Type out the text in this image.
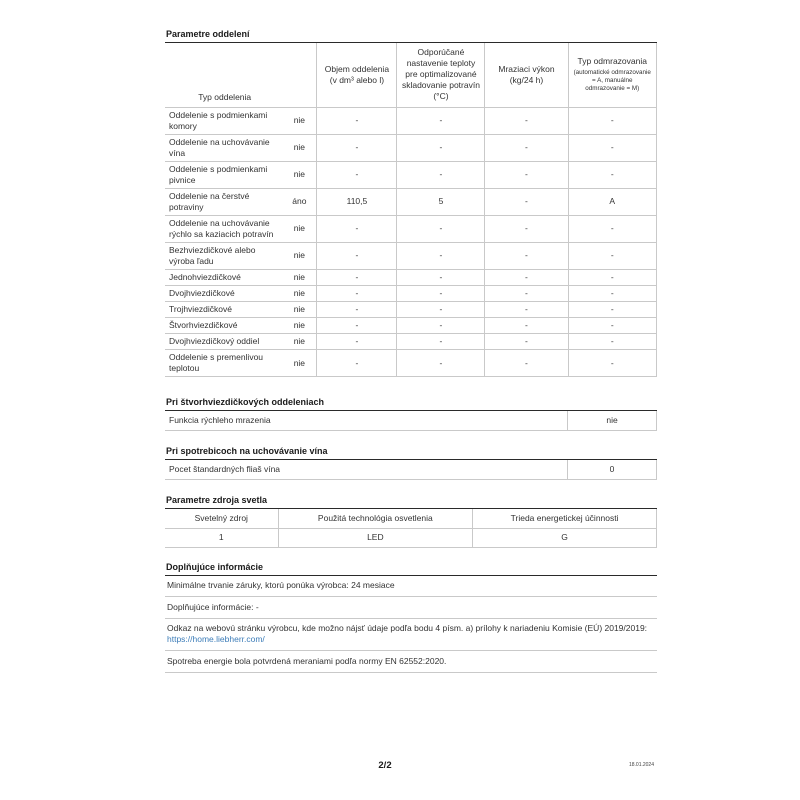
Parametre oddelení
Typ oddelenia	Objem oddelenia (v dm³ alebo l)	Odporúčané nastavenie teploty pre optimalizované skladovanie potravín (°C)	Mraziaci výkon (kg/24 h)	Typ odmrazovania
(automatické odmrazovanie = A, manuálne odmrazovanie = M)

Oddelenie s podmienkami komory
nie	-	-	-	-

Oddelenie na uchovávanie vína
nie	-	-	-	-

Oddelenie s podmienkami pivnice
nie	-	-	-	-

Oddelenie na čerstvé potraviny
áno	110,5	5	-	A

Oddelenie na uchovávanie rýchlo sa kaziacich potravín
nie	-	-	-	-

Bezhviezdičkové alebo výroba ľadu
nie	-	-	-	-

Jednohviezdičkové nie	-	-	-	-

Dvojhviezdičkové nie	-	-	-	-

Trojhviezdičkové nie	-	-	-	-

Štvorhviezdičkové nie	-	-	-	-

Dvojhviezdičkový oddiel nie	-	-	-	-

Oddelenie s premenlivou teplotou
nie	-	-	-	-
Pri štvorhviezdičkových oddeleniach
Funkcia rýchleho mrazenia	nie
Pri spotrebicoch na uchovávanie vína
Pocet štandardných fliaš vína	0
Parametre zdroja svetla
Svetelný zdroj	Použitá technológia osvetlenia	Trieda energetickej účinnosti
1	LED	G
Doplňujúce informácie
Minimálne trvanie záruky, ktorú ponúka výrobca: 24 mesiace
Doplňujúce informácie: -
Odkaz na webovú stránku výrobcu, kde možno nájsť údaje podľa bodu 4 písm. a) prílohy k nariadeniu Komisie (EÚ) 2019/2019: https://home.liebherr.com/
Spotreba energie bola potvrdená meraniami podľa normy EN 62552:2020.
2/2	18.01.2024
